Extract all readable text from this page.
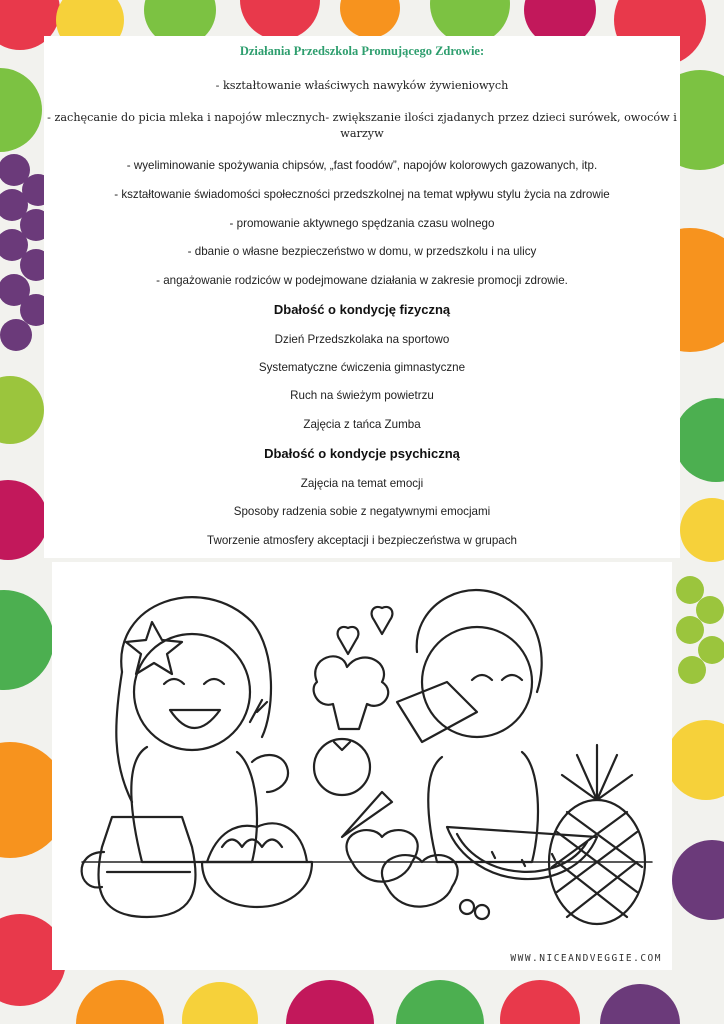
Działania Przedszkola Promującego Zdrowie:
- kształtowanie właściwych nawyków żywieniowych
- zachęcanie do picia mleka i napojów mlecznych- zwiększanie ilości zjadanych przez dzieci surówek, owoców i
warzyw
- wyeliminowanie spożywania chipsów, „fast foodów”, napojów kolorowych gazowanych, itp.
- kształtowanie świadomości społeczności przedszkolnej na temat wpływu stylu życia na zdrowie
- promowanie aktywnego spędzania czasu wolnego
- dbanie o własne bezpieczeństwo w domu, w przedszkolu i na ulicy
- angażowanie rodziców w podejmowane działania w zakresie promocji zdrowie.
Dbałość o kondycję fizyczną
Dzień Przedszkolaka na sportowo
Systematyczne ćwiczenia gimnastyczne
Ruch na świeżym powietrzu
Zajęcia z tańca Zumba
Dbałość o kondycje psychiczną
Zajęcia na temat emocji
Sposoby radzenia sobie z negatywnymi emocjami
Tworzenie atmosfery akceptacji i bezpieczeństwa w grupach
WWW.NICEANDVEGGIE.COM
